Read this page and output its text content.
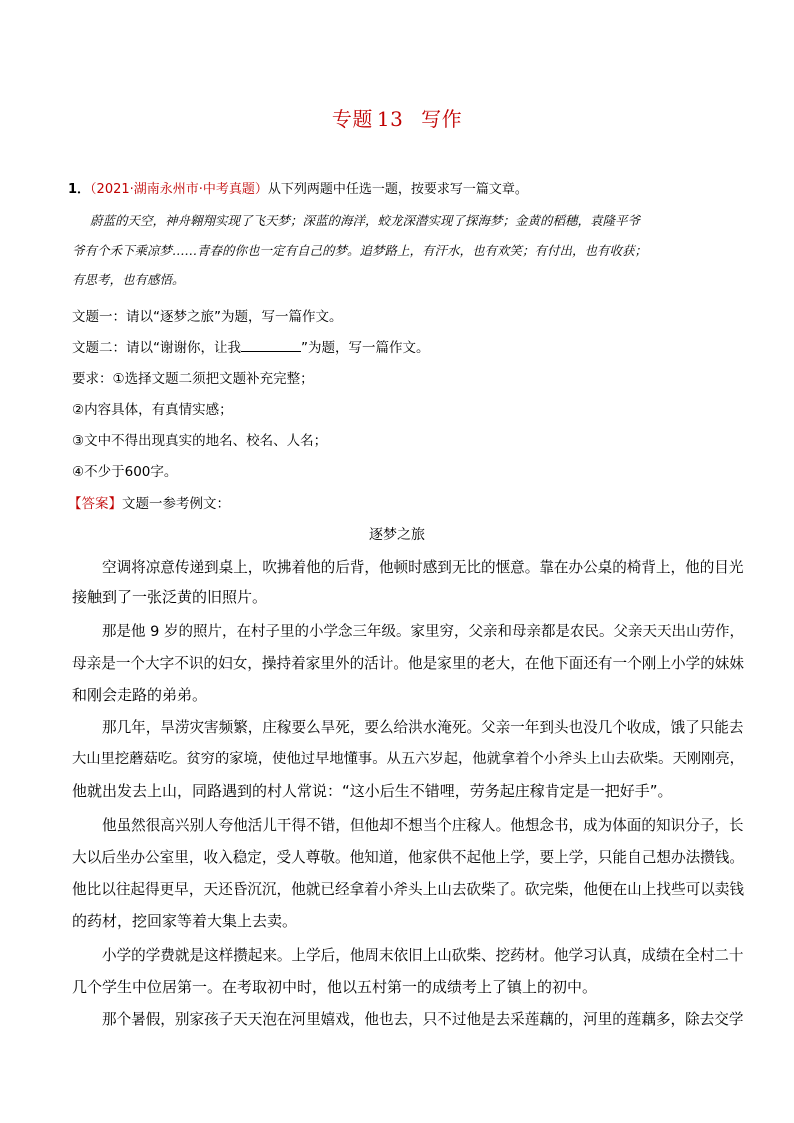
专题 13 写作
1．（2021·湖南永州市·中考真题）从下列两题中任选一题，按要求写一篇文章。
蔚蓝的天空，神舟翱翔实现了飞天梦；深蓝的海洋，蛟龙深潜实现了探海梦；金黄的稻穗，袁隆平爷
爷有个禾下乘凉梦……青春的你也一定有自己的梦。追梦路上，有汗水，也有欢笑；有付出，也有收获；
有思考，也有感悟。
文题一：请以“逐梦之旅”为题，写一篇作文。
文题二：请以“谢谢你，让我	”为题，写一篇作文。
要求：①选择文题二须把文题补充完整；
②内容具体，有真情实感；
③文中不得出现真实的地名、校名、人名；
④不少于600字。
【答案】文题一参考例文：
逐梦之旅
空调将凉意传递到桌上，吹拂着他的后背，他顿时感到无比的惬意。靠在办公桌的椅背上，他的目光
接触到了一张泛黄的旧照片。
那是他 9 岁的照片，在村子里的小学念三年级。家里穷，父亲和母亲都是农民。父亲天天出山劳作，
母亲是一个大字不识的妇女，操持着家里外的活计。他是家里的老大，在他下面还有一个刚上小学的妹妹
和刚会走路的弟弟。
那几年，旱涝灾害频繁，庄稼要么旱死，要么给洪水淹死。父亲一年到头也没几个收成，饿了只能去
大山里挖蘑菇吃。贫穷的家境，使他过早地懂事。从五六岁起，他就拿着个小斧头上山去砍柴。天刚刚亮，
他就出发去上山，同路遇到的村人常说：“这小后生不错哩，劳务起庄稼肯定是一把好手”。
他虽然很高兴别人夸他活儿干得不错，但他却不想当个庄稼人。他想念书，成为体面的知识分子，长
大以后坐办公室里，收入稳定，受人尊敬。他知道，他家供不起他上学，要上学，只能自己想办法攒钱。
他比以往起得更早，天还昏沉沉，他就已经拿着小斧头上山去砍柴了。砍完柴，他便在山上找些可以卖钱
的药材，挖回家等着大集上去卖。
小学的学费就是这样攒起来。上学后，他周末依旧上山砍柴、挖药材。他学习认真，成绩在全村二十
几个学生中位居第一。在考取初中时，他以五村第一的成绩考上了镇上的初中。
那个暑假，别家孩子天天泡在河里嬉戏，他也去，只不过他是去采莲藕的，河里的莲藕多，除去交学
